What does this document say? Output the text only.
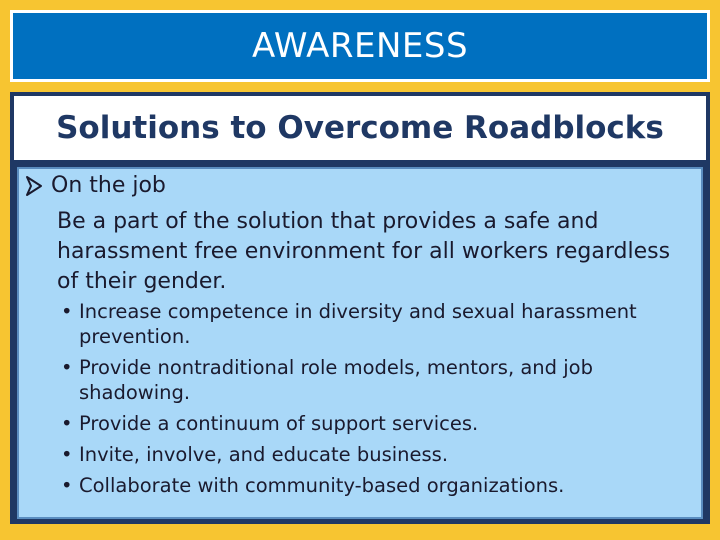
AWARENESS
Solutions to Overcome Roadblocks
On the job
Be a part of the solution that provides a safe and harassment free environment for all workers regardless of their gender.
• Increase competence in diversity and sexual harassment prevention.
• Provide nontraditional role models, mentors, and job shadowing.
• Provide a continuum of support services.
• Invite, involve, and educate business.
• Collaborate with community-based organizations.
